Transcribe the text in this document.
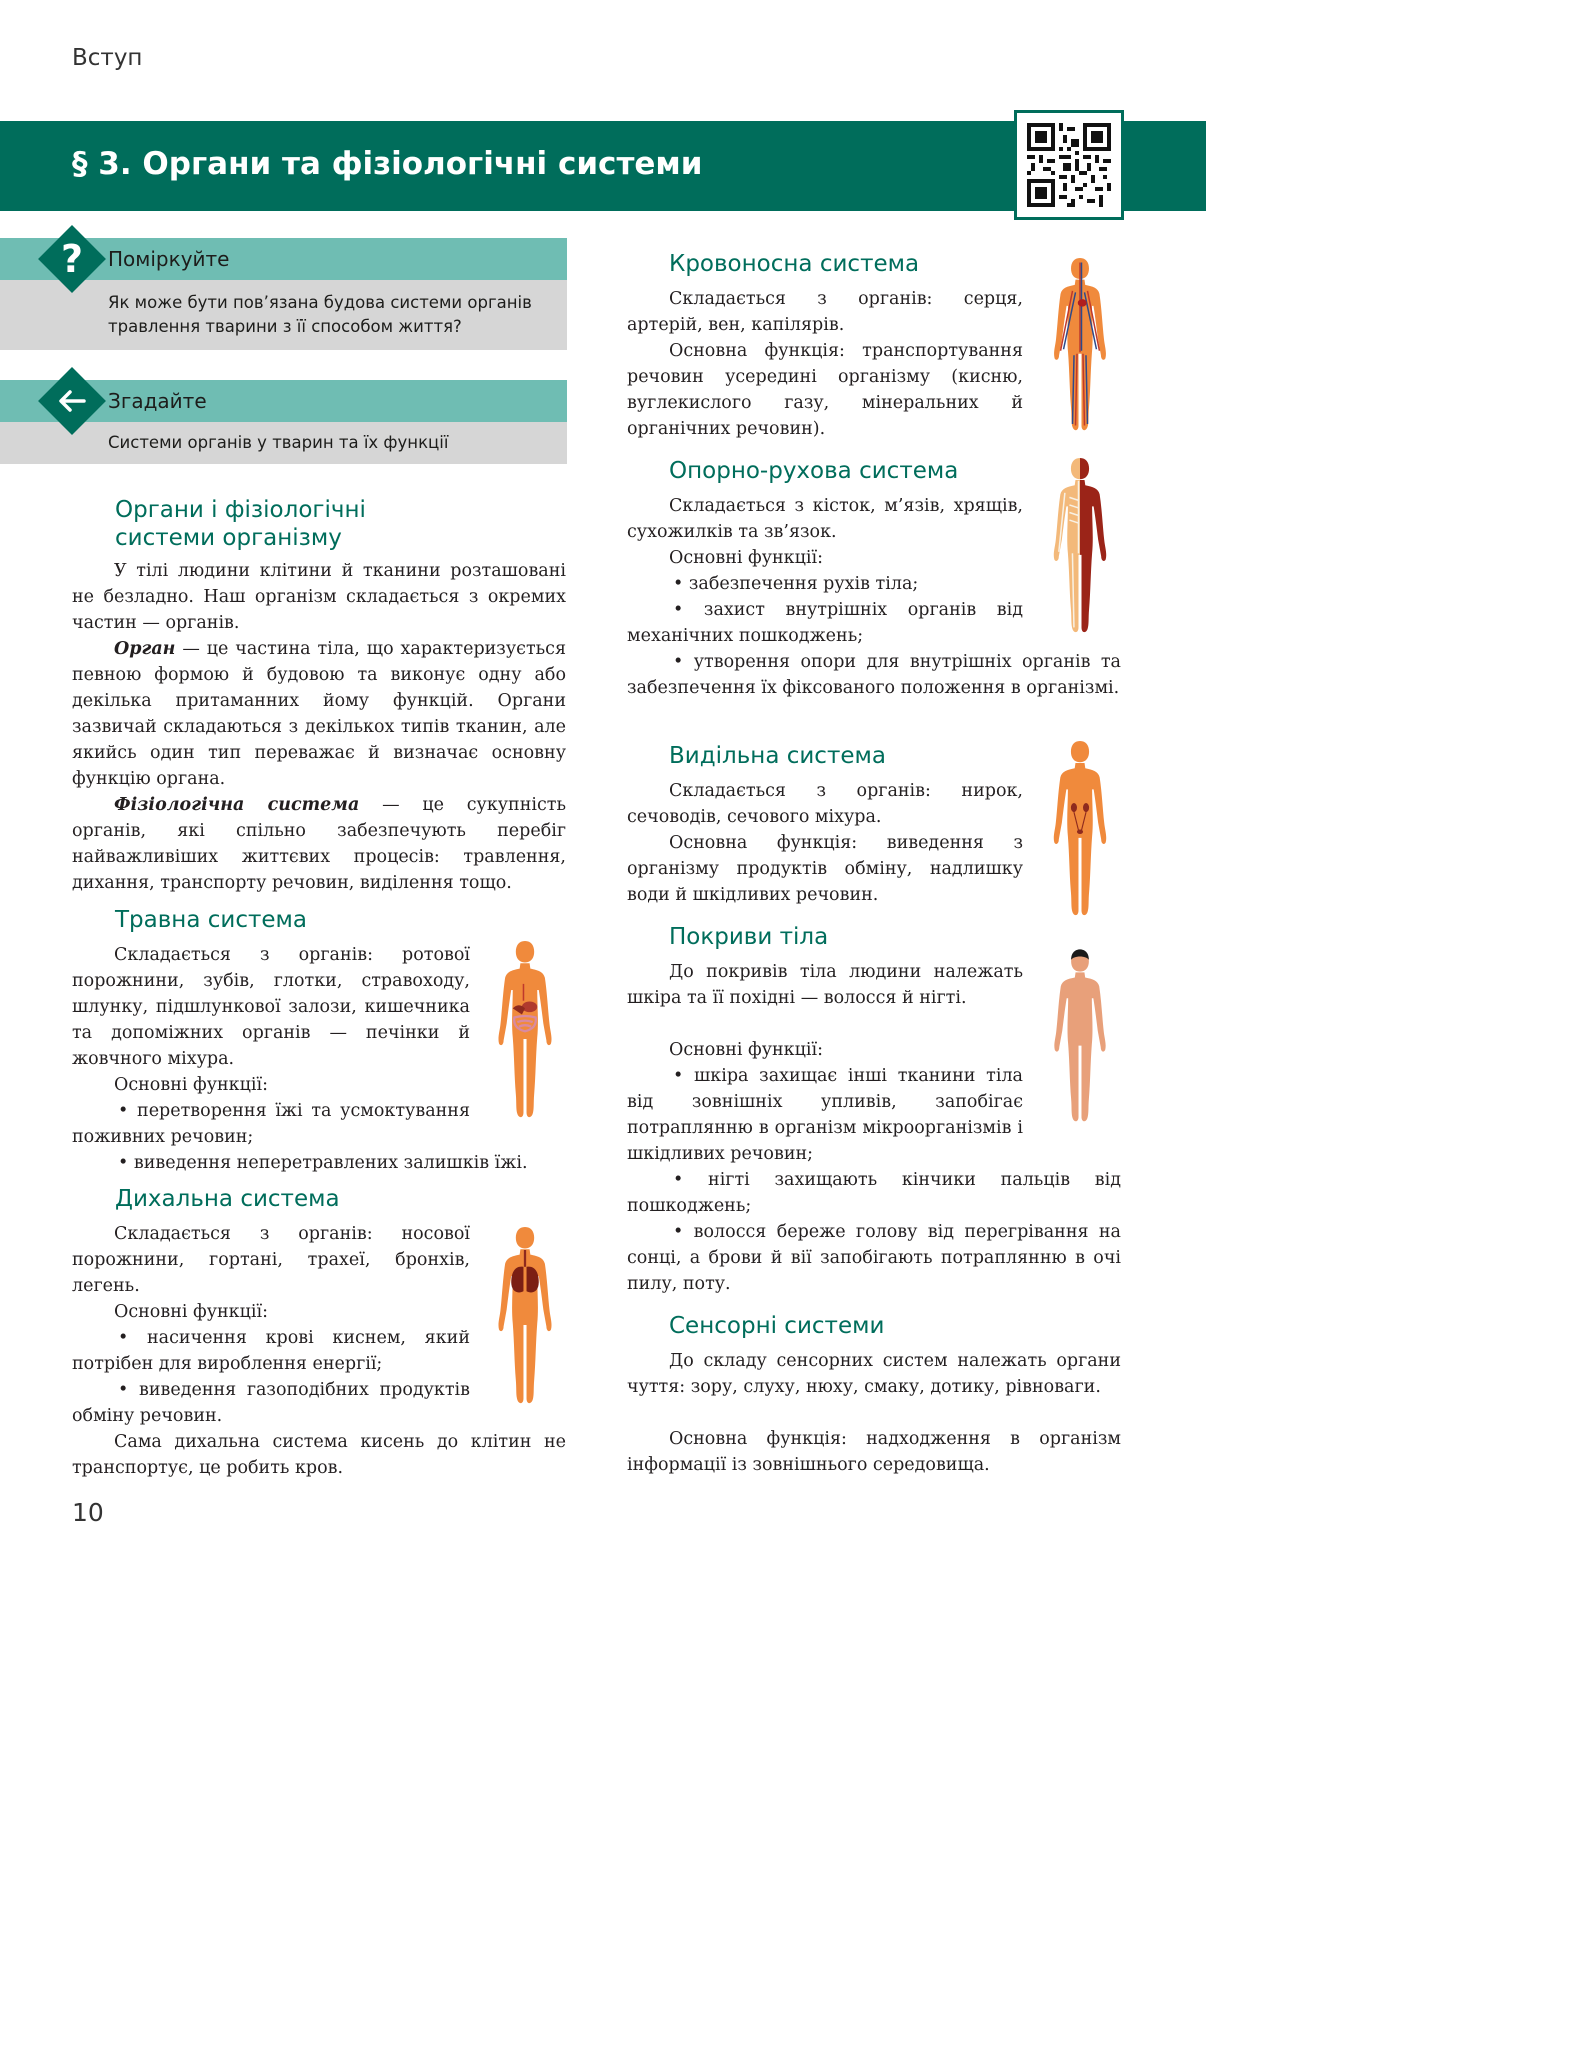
Вступ
§ 3. Органи та фізіологічні системи
Поміркуйте
Як може бути пов’язана будова системи органів
травлення тварини з її способом життя?
?
Згадайте
Системи органів у тварин та їх функції
Органи і фізіологічні
системи організму

У тілі людини клітини й тканини розташовані не безладно. Наш організм складається з окремих частин — органів.

Орган — це частина тіла, що характеризується певною формою й будовою та виконує одну або декілька притаманних йому функцій. Органи зазвичай складаються з декількох типів тканин, але якийсь один тип переважає й визначає основну функцію органа.

Фізіологічна система — це сукупність органів, які спільно забезпечують перебіг найважливіших життєвих процесів: травлення, дихання, транспорту речовин, виділення тощо.

Травна система

Складається з органів: ротової порожнини, зубів, глотки, стравоходу, шлунку, підшлункової залози, кишечника та допоміжних органів — печінки й жовчного міхура.

Основні функції:

• перетворення їжі та усмоктування поживних речовин;

• виведення неперетравлених залишків їжі.

Дихальна система

Складається з органів: носової порожнини, гортані, трахеї, бронхів, легень.

Основні функції:

• насичення крові киснем, який потрібен для вироблення енергії;

• виведення газоподібних продуктів обміну речовин.

Сама дихальна система кисень до клітин не транспортує, це робить кров.

Кровоносна система

Складається з органів: серця, артерій, вен, капілярів.

Основна функція: транспортування речовин усередині організму (кисню, вуглекислого газу, мінеральних й органічних речовин).

Опорно-рухова система

Складається з кісток, м’язів, хрящів, сухожилків та зв’язок.

Основні функції:

• забезпечення рухів тіла;

• захист внутрішніх органів від механічних пошкоджень;

• утворення опори для внутрішніх органів та забезпечення їх фіксованого положення в організмі.

Видільна система

Складається з органів: нирок, сечоводів, сечового міхура.

Основна функція: виведення з організму продуктів обміну, надлишку води й шкідливих речовин.

Покриви тіла

До покривів тіла людини належать шкіра та її похідні — волосся й нігті.

Основні функції:

• шкіра захищає інші тканини тіла від зовнішніх упливів, запобігає потраплянню в організм мікроорганізмів і шкідливих речовин;

• нігті захищають кінчики пальців від пошкоджень;

• волосся береже голову від перегрівання на сонці, а брови й вії запобігають потраплянню в очі пилу, поту.

Сенсорні системи

До складу сенсорних систем належать органи чуття: зору, слуху, нюху, смаку, дотику, рівноваги.

Основна функція: надходження в організм інформації із зовнішнього середовища.

10
